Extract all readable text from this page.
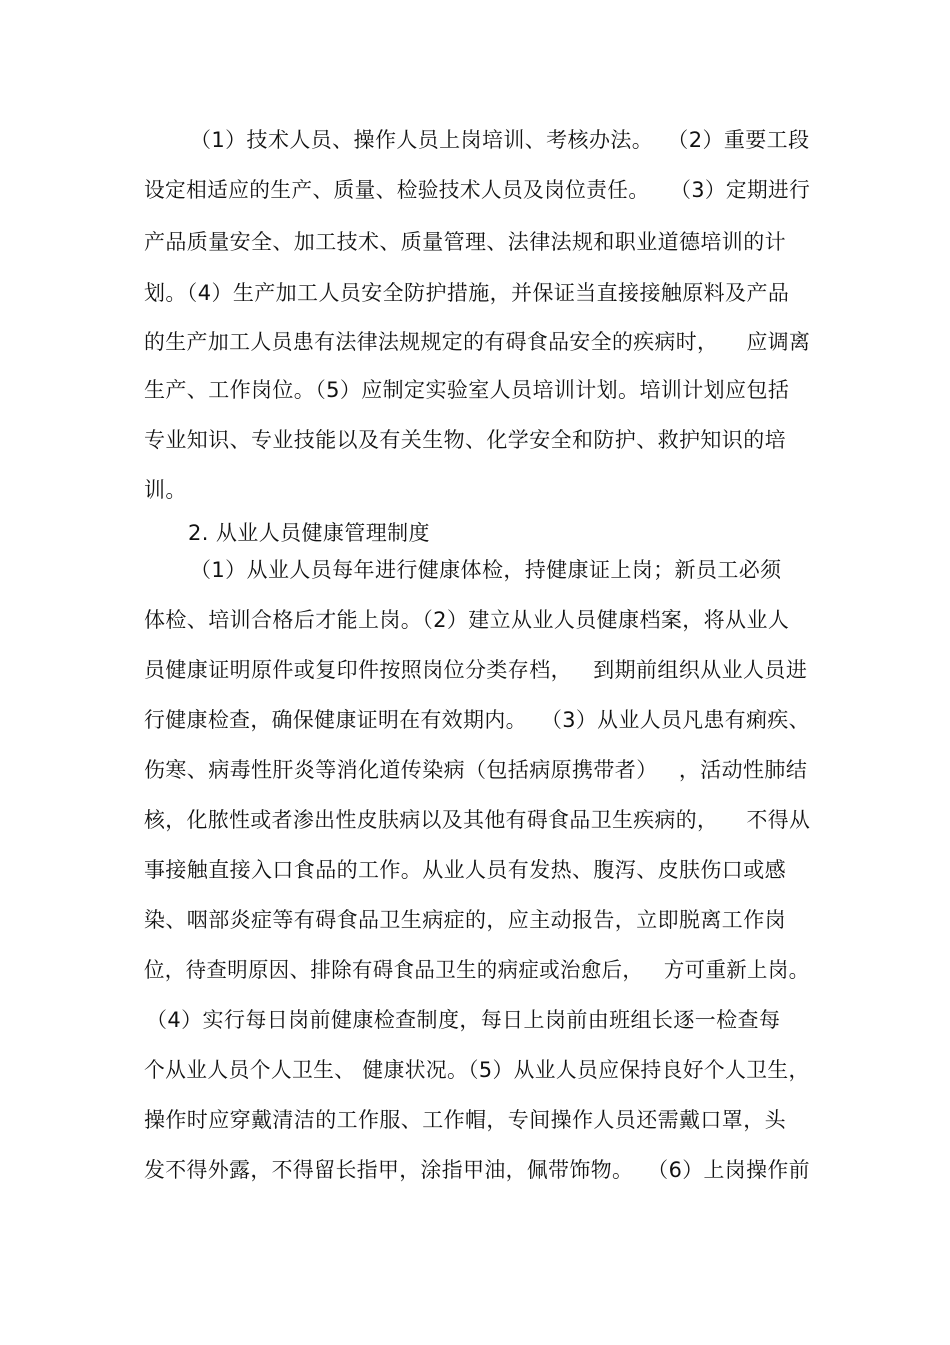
（1）技术人员、操作人员上岗培训、考核办法。  （2）重要工段
设定相适应的生产、质量、检验技术人员及岗位责任。   （3）定期进行
产品质量安全、加工技术、质量管理、法律法规和职业道德培训的计
划。（4）生产加工人员安全防护措施，并保证当直接接触原料及产品
的生产加工人员患有法律法规规定的有碍食品安全的疾病时，    应调离
生产、工作岗位。（5）应制定实验室人员培训计划。培训计划应包括
专业知识、专业技能以及有关生物、化学安全和防护、救护知识的培
训。
2. 从业人员健康管理制度
（1）从业人员每年进行健康体检，持健康证上岗；新员工必须
体检、培训合格后才能上岗。（2）建立从业人员健康档案，将从业人
员健康证明原件或复印件按照岗位分类存档，   到期前组织从业人员进
行健康检查，确保健康证明在有效期内。  （3）从业人员凡患有痢疾、
伤寒、病毒性肝炎等消化道传染病（包括病原携带者）   ，活动性肺结
核，化脓性或者渗出性皮肤病以及其他有碍食品卫生疾病的，    不得从
事接触直接入口食品的工作。从业人员有发热、腹泻、皮肤伤口或感
染、咽部炎症等有碍食品卫生病症的，应主动报告，立即脱离工作岗
位，待查明原因、排除有碍食品卫生的病症或治愈后，   方可重新上岗。
（4）实行每日岗前健康检查制度，每日上岗前由班组长逐一检查每
个从业人员个人卫生、 健康状况。（5）从业人员应保持良好个人卫生，
操作时应穿戴清洁的工作服、工作帽，专间操作人员还需戴口罩，头
发不得外露，不得留长指甲，涂指甲油，佩带饰物。  （6）上岗操作前
